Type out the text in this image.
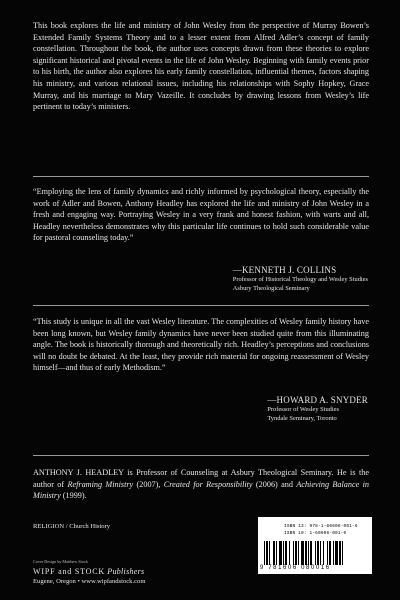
This book explores the life and ministry of John Wesley from the perspective of Murray Bowen’s Extended Family Systems Theory and to a lesser extent from Alfred Adler’s concept of family constellation. Throughout the book, the author uses concepts drawn from these theories to explore significant historical and pivotal events in the life of John Wesley. Beginning with family events prior to his birth, the author also explores his early family constellation, influential themes, factors shaping his ministry, and various relational issues, including his relationships with Sophy Hopkey, Grace Murray, and his marriage to Mary Vazeille. It concludes by drawing lessons from Wesley’s life pertinent to today’s ministers.

“Employing the lens of family dynamics and richly informed by psychological theory, especially the work of Adler and Bowen, Anthony Headley has explored the life and ministry of John Wesley in a fresh and engaging way. Portraying Wesley in a very frank and honest fashion, with warts and all, Headley nevertheless demonstrates why this particular life continues to hold such considerable value for pastoral counseling today.”

—KENNETH J. COLLINS
Professor of Historical Theology and Wesley Studies
Asbury Theological Seminary

“This study is unique in all the vast Wesley literature. The complexities of Wesley family history have been long known, but Wesley family dynamics have never been studied quite from this illuminating angle. The book is historically thorough and theoretically rich. Headley’s perceptions and conclusions will no doubt be debated. At the least, they provide rich material for ongoing reassessment of Wesley himself—and thus of early Methodism.”

—HOWARD A. SNYDER
Professor of Wesley Studies
Tyndale Seminary, Toronto

ANTHONY J. HEADLEY is Professor of Counseling at Asbury Theological Seminary. He is the author of Reframing Ministry (2007), Created for Responsibility (2006) and Achieving Balance in Ministry (1999).

RELIGION / Church History
Cover Design by Matthew Stock
WIPF and STOCK Publishers
Eugene, Oregon • www.wipfandstock.com
ISBN 13: 978-1-60608-001-6
ISBN 10: 1-60608-001-6
9 781606 080016
